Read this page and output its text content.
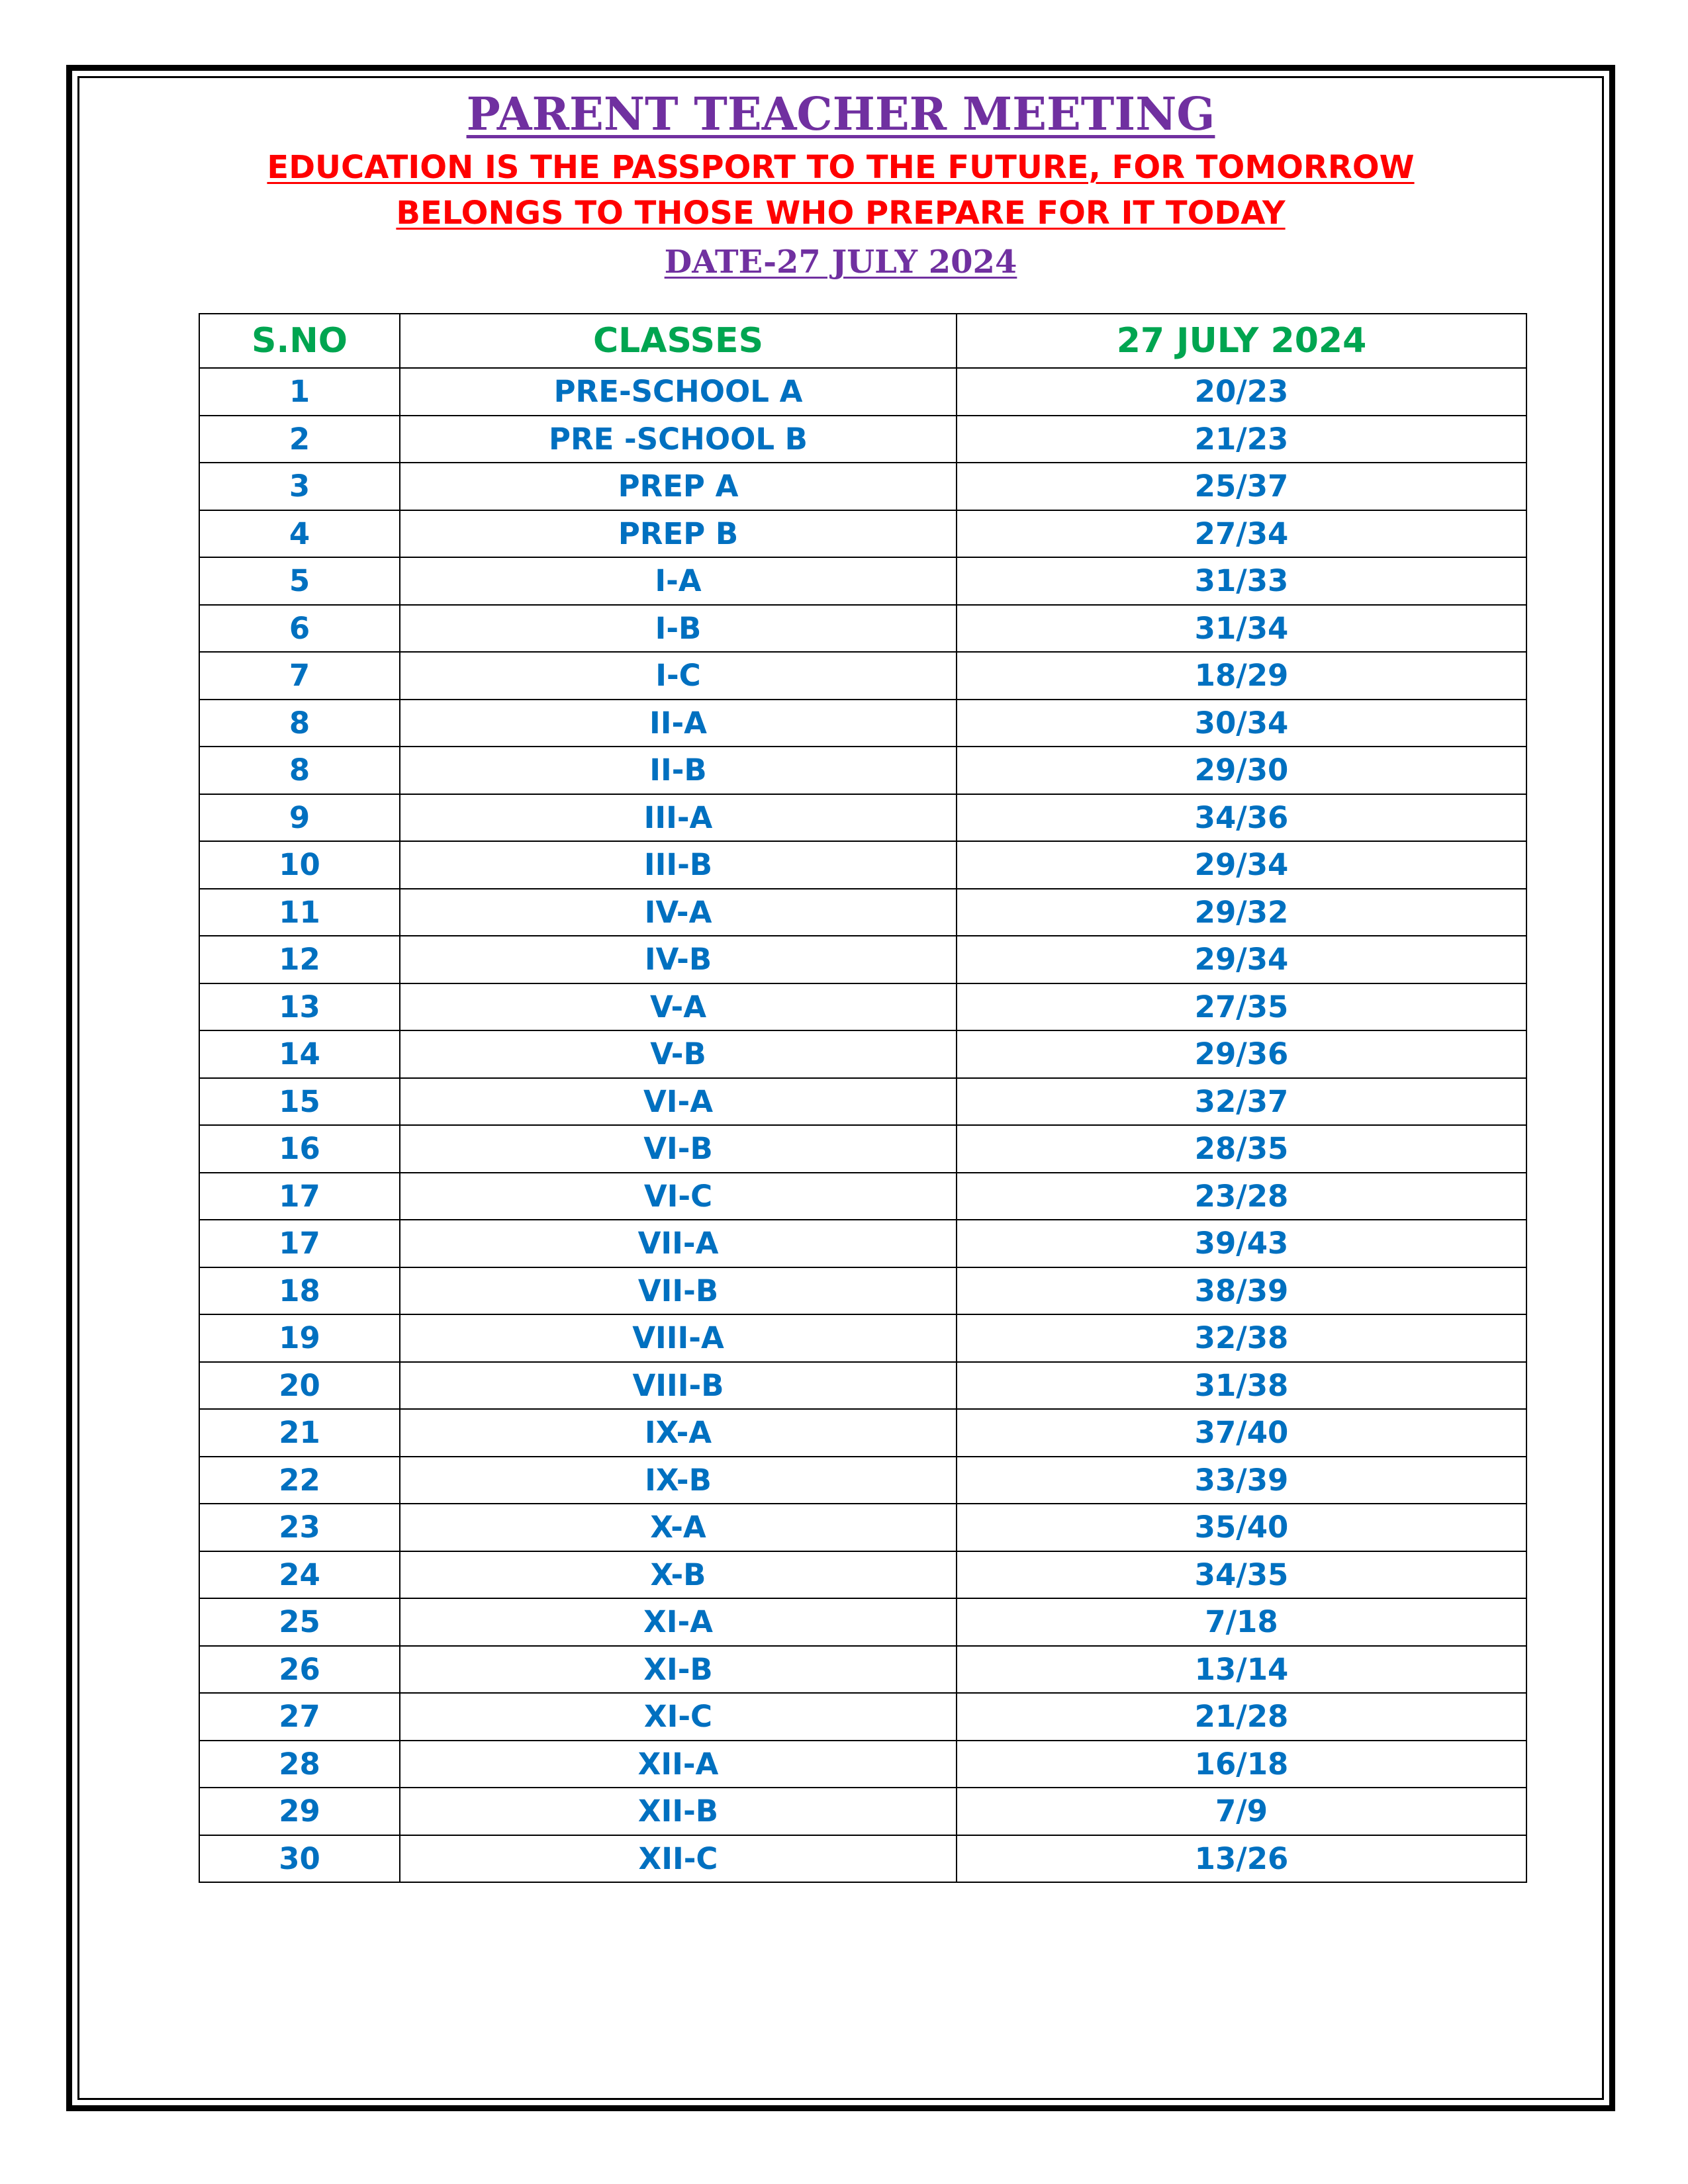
PARENT TEACHER MEETING
EDUCATION IS THE PASSPORT TO THE FUTURE, FOR TOMORROW
BELONGS TO THOSE WHO PREPARE FOR IT TODAY
DATE-27 JULY 2024
S.NO	CLASSES	27 JULY 2024
1	PRE-SCHOOL A	20/23
2	PRE -SCHOOL B	21/23
3	PREP A	25/37
4	PREP B	27/34
5	I-A	31/33
6	I-B	31/34
7	I-C	18/29
8	II-A	30/34
8	II-B	29/30
9	III-A	34/36
10	III-B	29/34
11	IV-A	29/32
12	IV-B	29/34
13	V-A	27/35
14	V-B	29/36
15	VI-A	32/37
16	VI-B	28/35
17	VI-C	23/28
17	VII-A	39/43
18	VII-B	38/39
19	VIII-A	32/38
20	VIII-B	31/38
21	IX-A	37/40
22	IX-B	33/39
23	X-A	35/40
24	X-B	34/35
25	XI-A	7/18
26	XI-B	13/14
27	XI-C	21/28
28	XII-A	16/18
29	XII-B	7/9
30	XII-C	13/26
